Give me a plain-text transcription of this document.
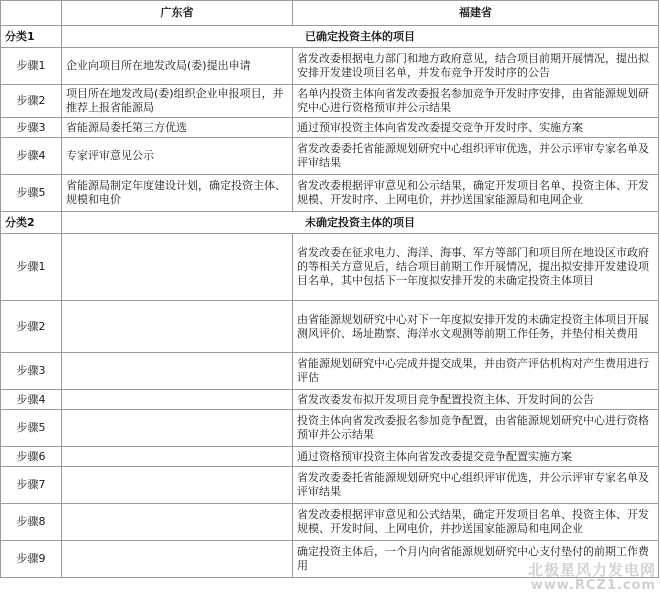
	广东省	福建省
分类1	已确定投资主体的项目	
步骤1	企业向项目所在地发改局(委)提出申请	省发改委根据电力部门和地方政府意见，结合项目前期开展情况，提出拟安排开发建设项目名单，并发布竞争开发时序的公告
步骤2	项目所在地发改局(委)组织企业申报项目，并推荐上报省能源局	名单内投资主体向省发改委报名参加竞争开发时序安排，由省能源规划研究中心进行资格预审并公示结果
步骤3	省能源局委托第三方优选	通过预审投资主体向省发改委提交竞争开发时序、实施方案
步骤4	专家评审意见公示	省发改委委托省能源规划研究中心组织评审优选，并公示评审专家名单及评审结果
步骤5	省能源局制定年度建设计划，确定投资主体、规模和电价	省发改委根据评审意见和公示结果，确定开发项目名单、投资主体、开发规模、开发时序、上网电价，并抄送国家能源局和电网企业
分类2	未确定投资主体的项目	
步骤1		省发改委在征求电力、海洋、海事、军方等部门和项目所在地设区市政府的等相关方意见后，结合项目前期工作开展情况，提出拟安排开发建设项目名单，其中包括下一年度拟安排开发的未确定投资主体项目
步骤2		由省能源规划研究中心对下一年度拟安排开发的未确定投资主体项目开展测风评价、场址勘察、海洋水文观测等前期工作任务，并垫付相关费用
步骤3		省能源规划研究中心完成并提交成果，并由资产评估机构对产生费用进行评估
步骤4		省发改委发布拟开发项目竞争配置投资主体、开发时间的公告
步骤5		投资主体向省发改委报名参加竞争配置，由省能源规划研究中心进行资格预审并公示结果
步骤6		通过资格预审投资主体向省发改委提交竞争配置实施方案
步骤7		省发改委委托省能源规划研究中心组织评审优选，并公示评审专家名单及评审结果
步骤8		省发改委根据评审意见和公式结果，确定开发项目名单、投资主体、开发规模、开发时间、上网电价，并抄送国家能源局和电网企业
步骤9		确定投资主体后，一个月内向省能源规划研究中心支付垫付的前期工作费用	北极星风力发电网
www.RCZ1.com
